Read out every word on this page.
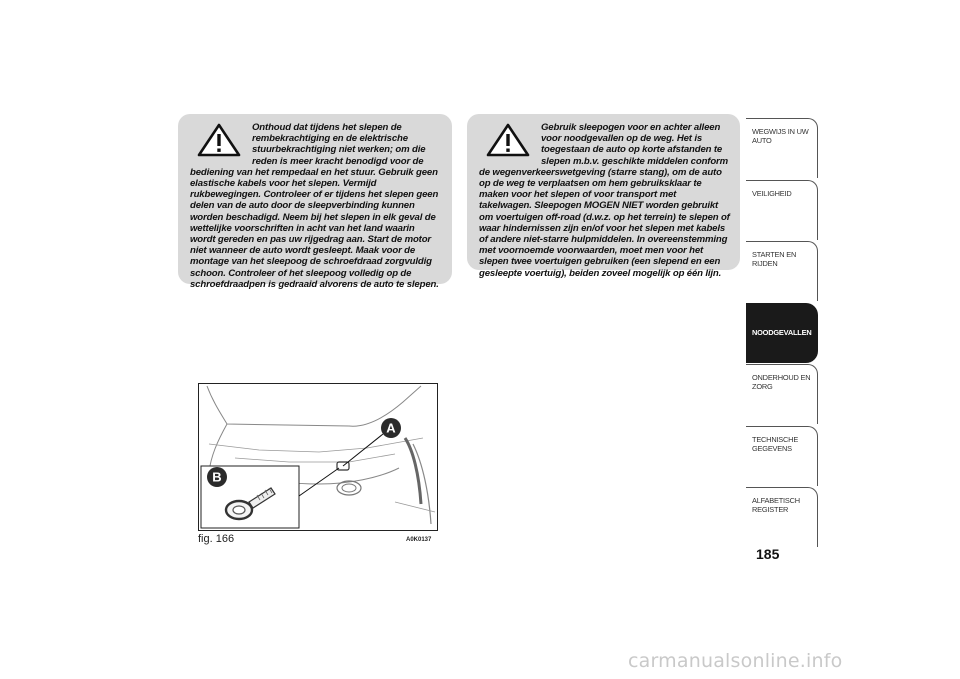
Onthoud dat tijdens het slepen de rembekrachtiging en de elektrische stuurbekrachtiging niet werken; om die reden is meer kracht benodigd voor de bediening van het rempedaal en het stuur. Gebruik geen elastische kabels voor het slepen. Vermijd rukbewegingen. Controleer of er tijdens het slepen geen delen van de auto door de sleepverbinding kunnen worden beschadigd. Neem bij het slepen in elk geval de wettelijke voorschriften in acht van het land waarin wordt gereden en pas uw rijgedrag aan. Start de motor niet wanneer de auto wordt gesleept. Maak voor de montage van het sleepoog de schroefdraad zorgvuldig schoon. Controleer of het sleepoog volledig op de schroefdraadpen is gedraaid alvorens de auto te slepen.

Gebruik sleepogen voor en achter alleen voor noodgevallen op de weg. Het is toegestaan de auto op korte afstanden te slepen m.b.v. geschikte middelen conform de wegenverkeerswetgeving (starre stang), om de auto op de weg te verplaatsen om hem gebruiksklaar te maken voor het slepen of voor transport met takelwagen. Sleepogen MOGEN NIET worden gebruikt om voertuigen off-road (d.w.z. op het terrein) te slepen of waar hindernissen zijn en/of voor het slepen met kabels of andere niet-starre hulpmiddelen. In overeenstemming met voornoemde voorwaarden, moet men voor het slepen twee voertuigen gebruiken (een slepend en een gesleepte voertuig), beiden zoveel mogelijk op één lijn.

A
B
fig. 166	A0K0137
WEGWIJS IN UW AUTO
VEILIGHEID
STARTEN EN RIJDEN
NOODGEVALLEN
ONDERHOUD EN ZORG
TECHNISCHE GEGEVENS
ALFABETISCH REGISTER
185
carmanualsonline.info
